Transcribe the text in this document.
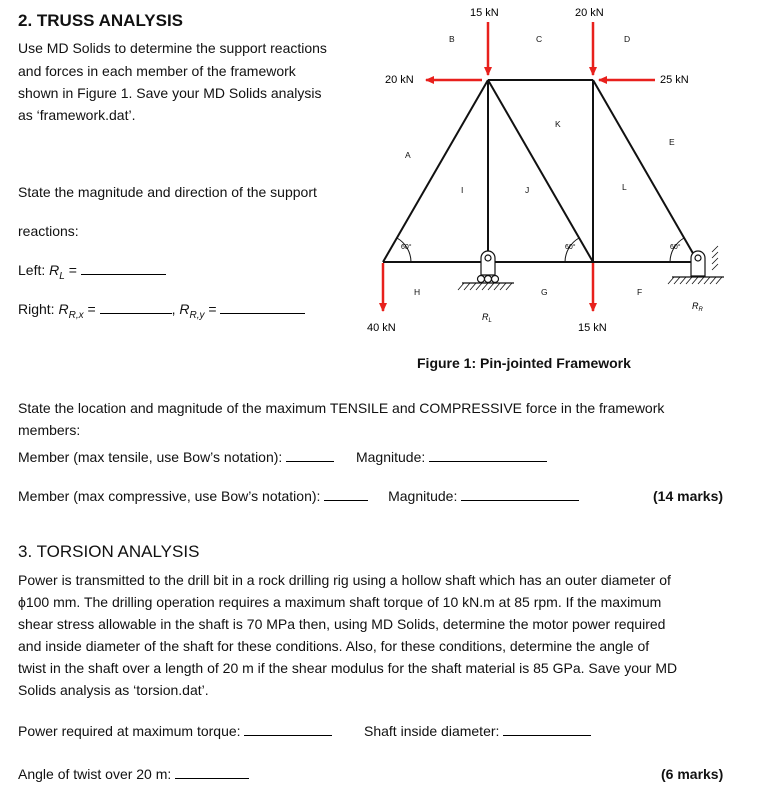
2. TRUSS ANALYSIS
Use MD Solids to determine the support reactions
and forces in each member of the framework
shown in Figure 1. Save your MD Solids analysis
as ‘framework.dat’.
State the magnitude and direction of the support
reactions:
Left: $R_L$ =
Right: $R_{R,x}$ =	, $R_{R,y}$ =
60°	60°	60°
15 kN	20 kN
20 kN	25 kN
40 kN	15 kN
A
B	C	D
E
F
G
H
I	J
K
L
$R_L$
$R_R$
Figure 1: Pin-jointed Framework
State the location and magnitude of the maximum TENSILE and COMPRESSIVE force in the framework members:
Member (max tensile, use Bow’s notation):	Magnitude:
Member (max compressive, use Bow’s notation):	Magnitude:	(14 marks)
3. TORSION ANALYSIS
Power is transmitted to the drill bit in a rock drilling rig using a hollow shaft which has an outer diameter of
ϕ100 mm. The drilling operation requires a maximum shaft torque of 10 kN.m at 85 rpm. If the maximum
shear stress allowable in the shaft is 70 MPa then, using MD Solids, determine the motor power required
and inside diameter of the shaft for these conditions. Also, for these conditions, determine the angle of
twist in the shaft over a length of 20 m if the shear modulus for the shaft material is 85 GPa. Save your MD
Solids analysis as ‘torsion.dat’.
Power required at maximum torque:	Shaft inside diameter:
Angle of twist over 20 m:	(6 marks)
